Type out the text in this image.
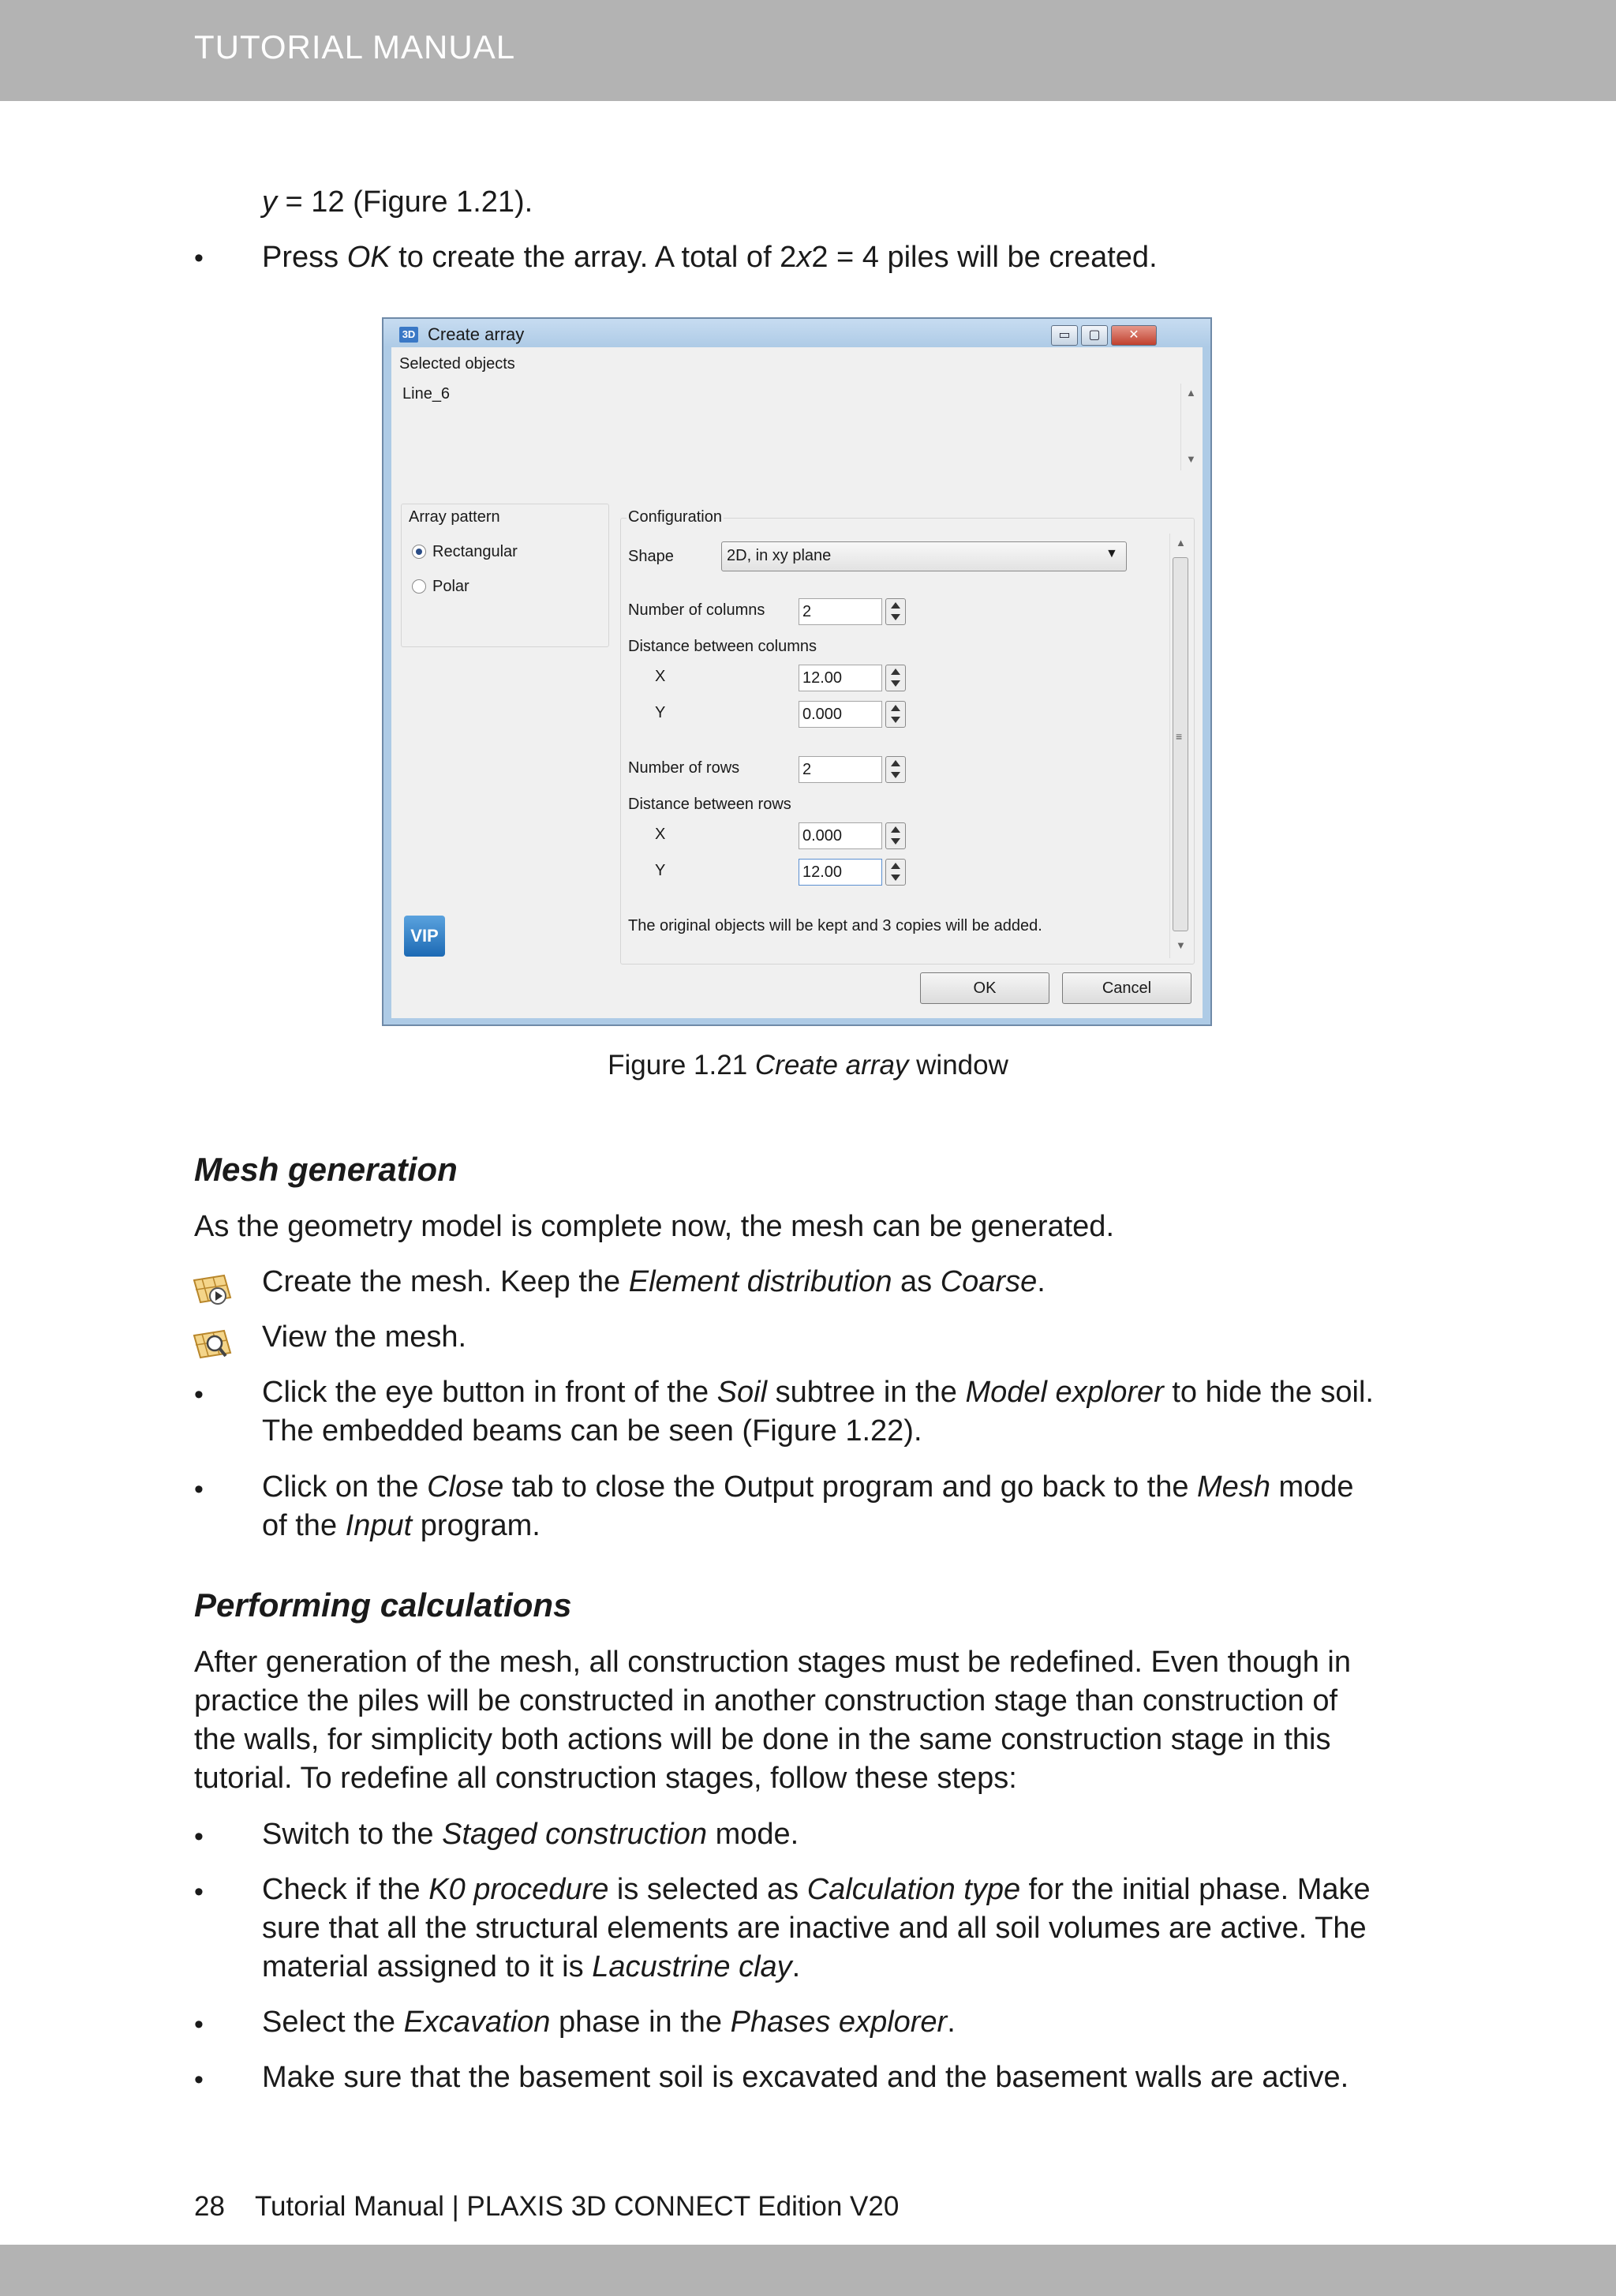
TUTORIAL MANUAL
y = 12 (Figure 1.21).
• Press OK to create the array. A total of 2x2 = 4 piles will be created.
3D Create array	▭	▢	✕
Selected objects
Line_6	▲
▼
Array pattern
Rectangular
Polar
Configuration
Shape	2D, in xy plane	▼
Number of columns 2
Distance between columns
X	12.00
Y	0.000
Number of rows	2
Distance between rows
X	0.000
Y	12.00
The original objects will be kept and 3 copies will be added.
▲
≡
▼
OK	Cancel
VIP
Figure 1.21 Create array window
Mesh generation
As the geometry model is complete now, the mesh can be generated.
Create the mesh. Keep the Element distribution as Coarse.
View the mesh.
• Click the eye button in front of the Soil subtree in the Model explorer to hide the soil.
The embedded beams can be seen (Figure 1.22).
• Click on the Close tab to close the Output program and go back to the Mesh mode
of the Input program.
Performing calculations
After generation of the mesh, all construction stages must be redefined. Even though in
practice the piles will be constructed in another construction stage than construction of
the walls, for simplicity both actions will be done in the same construction stage in this
tutorial. To redefine all construction stages, follow these steps:
• Switch to the Staged construction mode.
• Check if the K0 procedure is selected as Calculation type for the initial phase. Make
sure that all the structural elements are inactive and all soil volumes are active. The
material assigned to it is Lacustrine clay.
• Select the Excavation phase in the Phases explorer.
• Make sure that the basement soil is excavated and the basement walls are active.
28 Tutorial Manual | PLAXIS 3D CONNECT Edition V20
